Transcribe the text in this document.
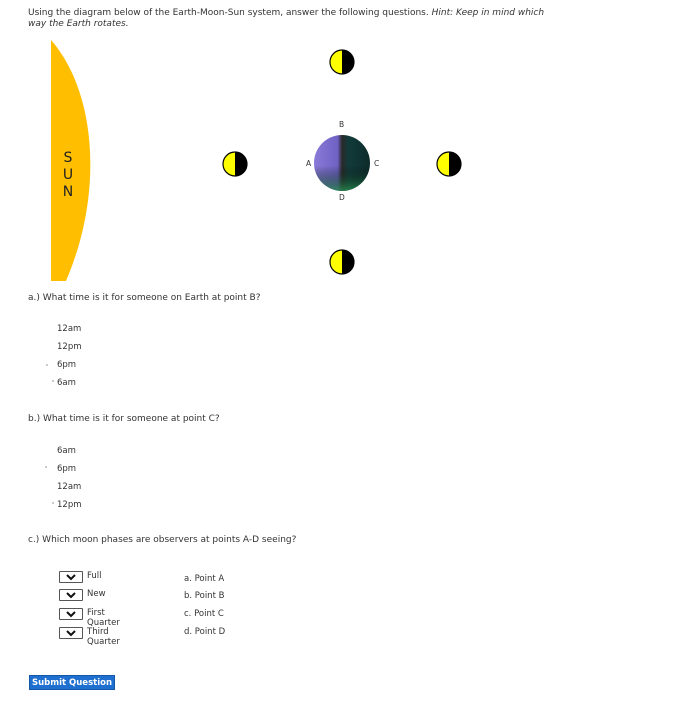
Using the diagram below of the Earth-Moon-Sun system, answer the following questions. Hint: Keep in mind which way the Earth rotates.
S
U
N
A
B
C
D
a.) What time is it for someone on Earth at point B?
12am
12pm
6pm
6am
b.) What time is it for someone at point C?
6am
6pm
12am
12pm
c.) Which moon phases are observers at points A-D seeing?
Full
New
First Quarter
Third Quarter
a. Point A
b. Point B
c. Point C
d. Point D
Submit Question
